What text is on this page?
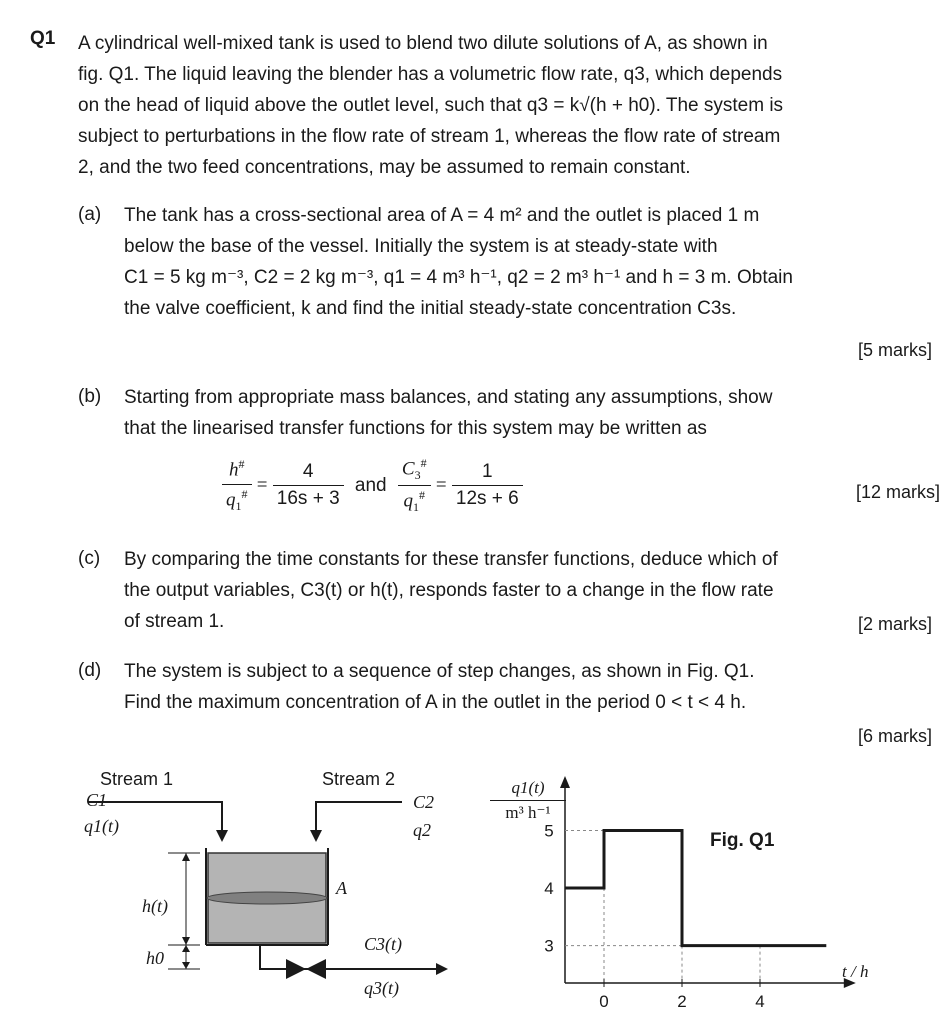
Q1 A cylindrical well-mixed tank is used to blend two dilute solutions of A, as shown in
fig. Q1. The liquid leaving the blender has a volumetric flow rate, q3, which depends
on the head of liquid above the outlet level, such that q3 = k√(h + h0). The system is
subject to perturbations in the flow rate of stream 1, whereas the flow rate of stream
2, and the two feed concentrations, may be assumed to remain constant.
(a) The tank has a cross-sectional area of A = 4 m² and the outlet is placed 1 m
below the base of the vessel. Initially the system is at steady-state with
C1 = 5 kg m⁻³, C2 = 2 kg m⁻³, q1 = 4 m³ h⁻¹, q2 = 2 m³ h⁻¹ and h = 3 m. Obtain
the valve coefficient, k and find the initial steady-state concentration C3s.
[5 marks]
(b) Starting from appropriate mass balances, and stating any assumptions, show
that the linearised transfer functions for this system may be written as
$\frac{h^{\#}}{q_1^{\#}} = \frac{4}{16s + 3}$ and $\frac{C_3^{\#}}{q_1^{\#}} = \frac{1}{12s + 6}$	[12 marks]
(c) By comparing the time constants for these transfer functions, deduce which of
the output variables, C3(t) or h(t), responds faster to a change in the flow rate
of stream 1.	[2 marks]
(d) The system is subject to a sequence of step changes, as shown in Fig. Q1.
Find the maximum concentration of A in the outlet in the period 0 < t < 4 h.
[6 marks]
Stream 1
C1
q1(t)
Stream 2
C2
q2
A
h(t)
h0
C3(t)
q3(t)
$\frac{q1(t)}{\text{m³ h⁻¹}}$
Fig. Q1
t / h
3
4
5
0	2	4
